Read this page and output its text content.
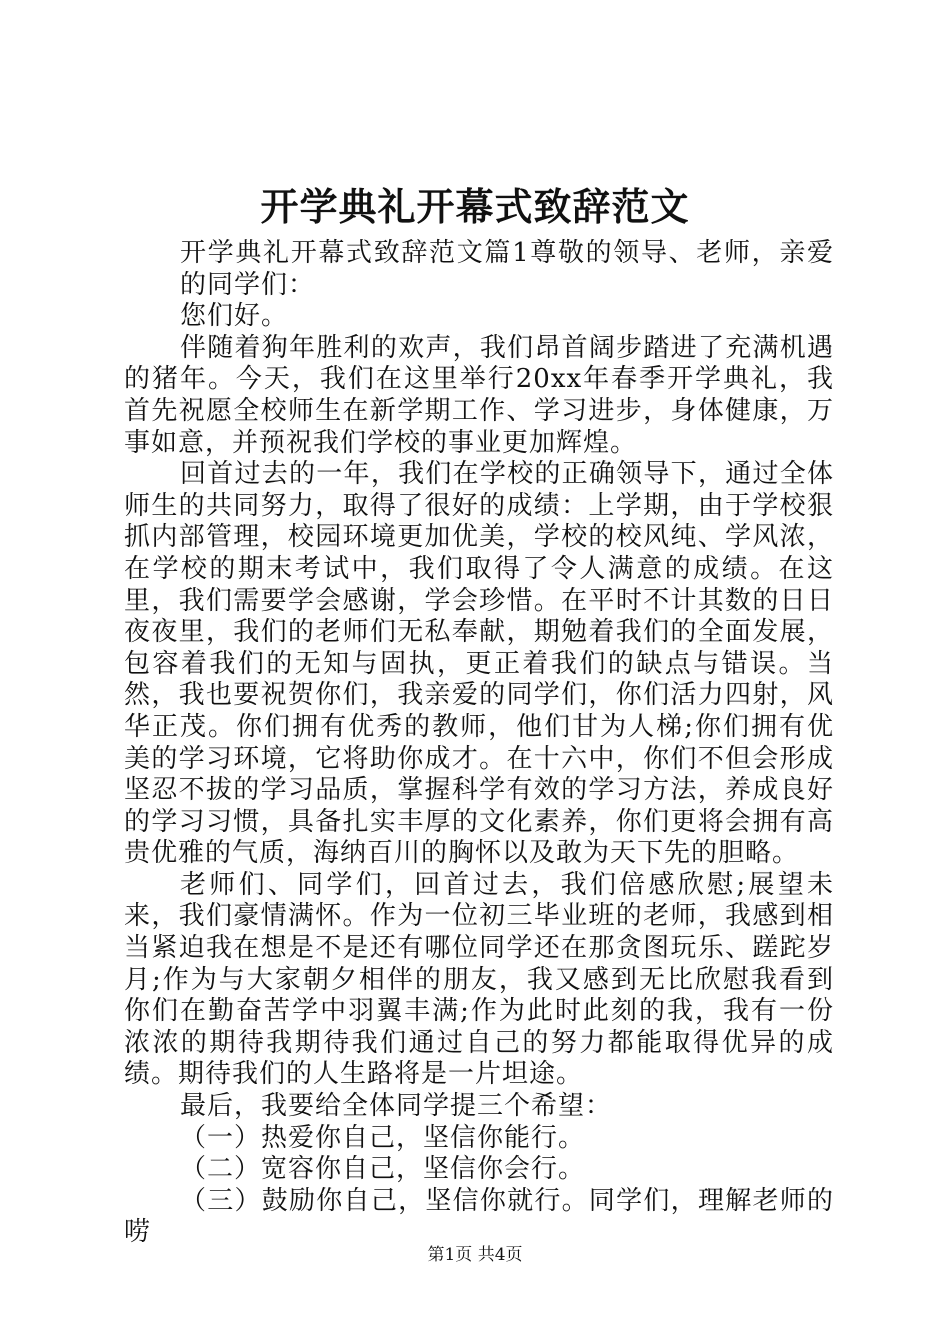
开学典礼开幕式致辞范文

开学典礼开幕式致辞范文篇1尊敬的领导、老师，亲爱的同学们：

您们好。

伴随着狗年胜利的欢声，我们昂首阔步踏进了充满机遇的猪年。今天，我们在这里举行20xx年春季开学典礼，我首先祝愿全校师生在新学期工作、学习进步，身体健康，万事如意，并预祝我们学校的事业更加辉煌。

回首过去的一年，我们在学校的正确领导下，通过全体师生的共同努力，取得了很好的成绩：上学期，由于学校狠抓内部管理，校园环境更加优美，学校的校风纯、学风浓，在学校的期末考试中，我们取得了令人满意的成绩。在这里，我们需要学会感谢，学会珍惜。在平时不计其数的日日夜夜里，我们的老师们无私奉献，期勉着我们的全面发展，包容着我们的无知与固执，更正着我们的缺点与错误。当然，我也要祝贺你们，我亲爱的同学们，你们活力四射，风华正茂。你们拥有优秀的教师，他们甘为人梯;你们拥有优美的学习环境，它将助你成才。在十六中，你们不但会形成坚忍不拔的学习品质，掌握科学有效的学习方法，养成良好的学习习惯，具备扎实丰厚的文化素养，你们更将会拥有高贵优雅的气质，海纳百川的胸怀以及敢为天下先的胆略。

老师们、同学们，回首过去，我们倍感欣慰;展望未来，我们豪情满怀。作为一位初三毕业班的老师，我感到相当紧迫我在想是不是还有哪位同学还在那贪图玩乐、蹉跎岁月;作为与大家朝夕相伴的朋友，我又感到无比欣慰我看到你们在勤奋苦学中羽翼丰满;作为此时此刻的我，我有一份浓浓的期待我期待我们通过自己的努力都能取得优异的成绩。期待我们的人生路将是一片坦途。

最后，我要给全体同学提三个希望：

（一）热爱你自己，坚信你能行。

（二）宽容你自己，坚信你会行。

（三）鼓励你自己，坚信你就行。同学们，理解老师的唠

第1页 共4页
